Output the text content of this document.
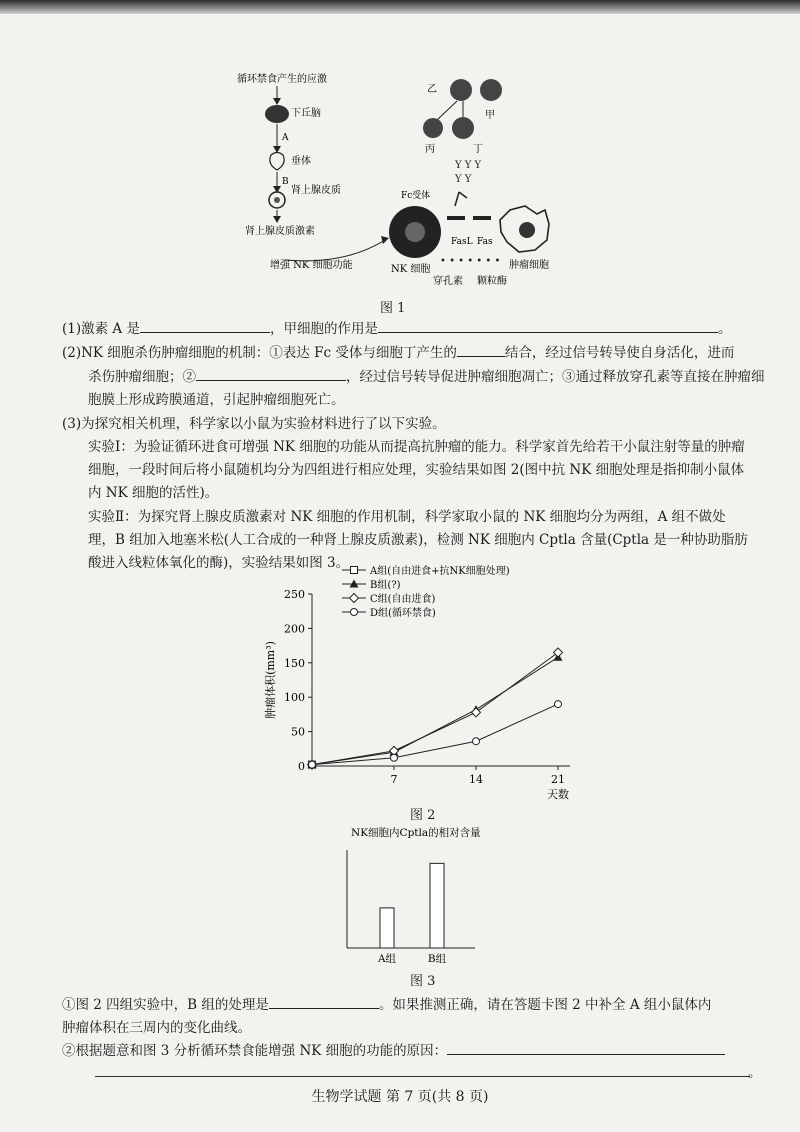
循环禁食产生的应激
下丘脑
A
垂体
B
肾上腺皮质
肾上腺皮质激素
增强 NK 细胞功能
乙
甲
丙	丁
Y Y Y
Y Y
Fc受体
FasL Fas
NK 细胞	肿瘤细胞
• • • • • • •
穿孔素 颗粒酶
图 1
(1)激素 A 是	，甲细胞的作用是	。
(2)NK 细胞杀伤肿瘤细胞的机制：①表达 Fc 受体与细胞丁产生的	结合，经过信号转导使自身活化，进而
杀伤肿瘤细胞；②	，经过信号转导促进肿瘤细胞凋亡；③通过释放穿孔素等直接在肿瘤细
胞膜上形成跨膜通道，引起肿瘤细胞死亡。
(3)为探究相关机理，科学家以小鼠为实验材料进行了以下实验。
实验Ⅰ：为验证循环进食可增强 NK 细胞的功能从而提高抗肿瘤的能力。科学家首先给若干小鼠注射等量的肿瘤细胞，一段时间后将小鼠随机均分为四组进行相应处理，实验结果如图 2(图中抗 NK 细胞处理是指抑制小鼠体内 NK 细胞的活性)。
实验Ⅱ：为探究肾上腺皮质激素对 NK 细胞的作用机制，科学家取小鼠的 NK 细胞均分为两组，A 组不做处理，B 组加入地塞米松(人工合成的一种肾上腺皮质激素)，检测 NK 细胞内 Cptla 含量(Cptla 是一种协助脂肪酸进入线粒体氧化的酶)，实验结果如图 3。
0
50
100
150
200
250
7	14	21
天数
肿瘤体积(mm³)
A组(自由进食+抗NK细胞处理)
B组(?)
C组(自由进食)
D组(循环禁食)
图 2
NK细胞内Cptla的相对含量
A组	B组
图 3
①图 2 四组实验中，B 组的处理是	。如果推测正确，请在答题卡图 2 中补全 A 组小鼠体内
肿瘤体积在三周内的变化曲线。
②根据题意和图 3 分析循环禁食能增强 NK 细胞的功能的原因：
。
生物学试题 第 7 页(共 8 页)
